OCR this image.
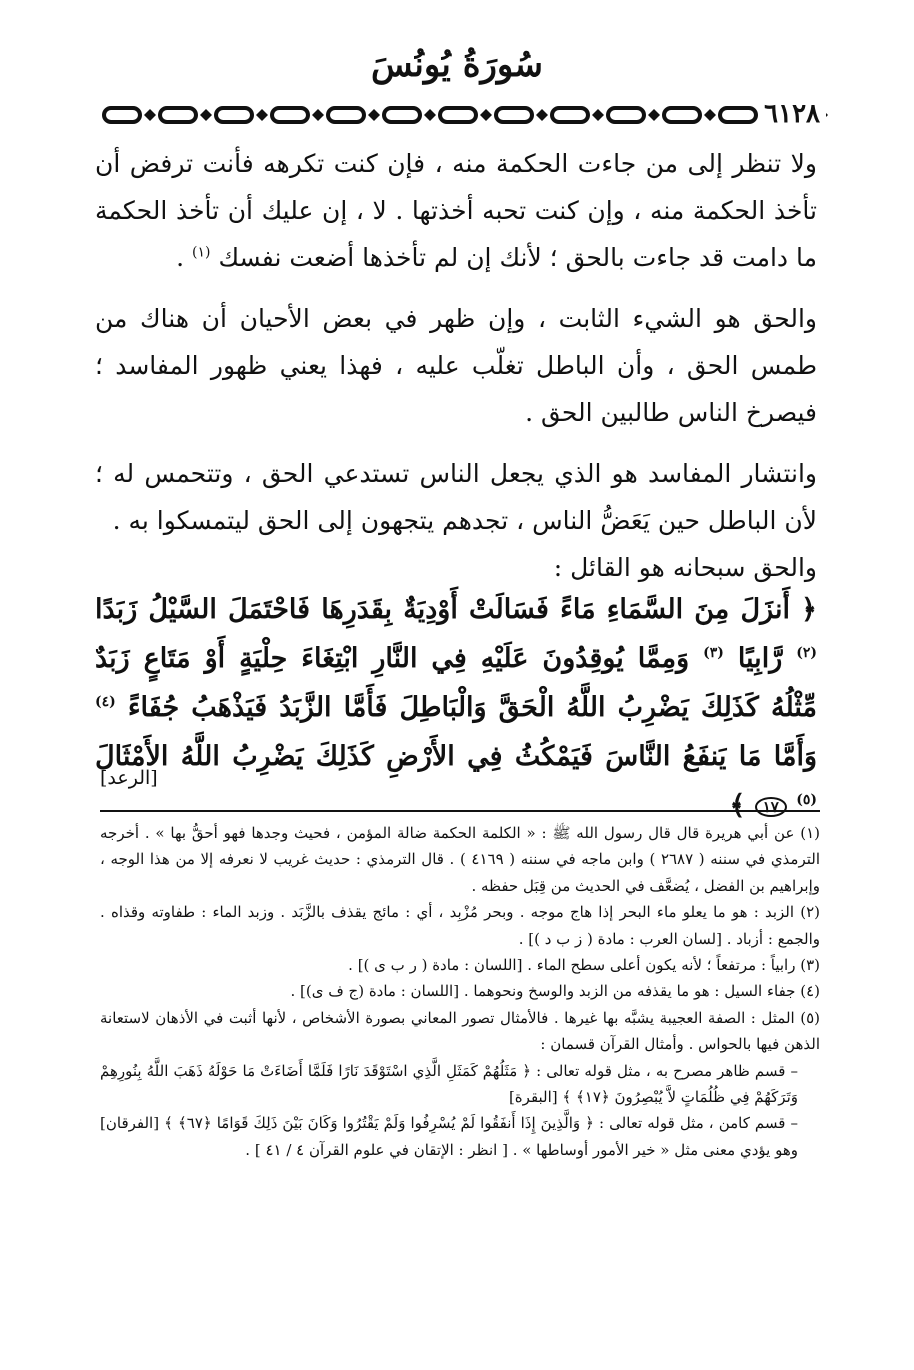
سُورَةُ يُونُسَ
٦١٢٨

ولا تنظر إلى من جاءت الحكمة منه ، فإن كنت تكرهه فأنت ترفض أن تأخذ الحكمة منه ، وإن كنت تحبه أخذتها . لا ، إن عليك أن تأخذ الحكمة ما دامت قد جاءت بالحق ؛ لأنك إن لم تأخذها أضعت نفسك $^{(١)}$ .

والحق هو الشيء الثابت ، وإن ظهر في بعض الأحيان أن هناك من طمس الحق ، وأن الباطل تغلّب عليه ، فهذا يعني ظهور المفاسد ؛ فيصرخ الناس طالبين الحق .

وانتشار المفاسد هو الذي يجعل الناس تستدعي الحق ، وتتحمس له ؛ لأن الباطل حين يَعَضُّ الناس ، تجدهم يتجهون إلى الحق ليتمسكوا به .

والحق سبحانه هو القائل :

﴿ أَنزَلَ مِنَ السَّمَاءِ مَاءً فَسَالَتْ أَوْدِيَةٌ بِقَدَرِهَا فَاحْتَمَلَ السَّيْلُ زَبَدًا $^{(٢)}$ رَّابِيًا $^{(٣)}$ وَمِمَّا يُوقِدُونَ عَلَيْهِ فِي النَّارِ ابْتِغَاءَ حِلْيَةٍ أَوْ مَتَاعٍ زَبَدٌ مِّثْلُهُ كَذَلِكَ يَضْرِبُ اللَّهُ الْحَقَّ وَالْبَاطِلَ فَأَمَّا الزَّبَدُ فَيَذْهَبُ جُفَاءً $^{(٤)}$ وَأَمَّا مَا يَنفَعُ النَّاسَ فَيَمْكُثُ فِي الأَرْضِ كَذَلِكَ يَضْرِبُ اللَّهُ الأَمْثَالَ $^{(٥)}$ ١٧ ﴾
[الرعد]

(١) عن أبي هريرة قال قال رسول الله ﷺ : « الكلمة الحكمة ضالة المؤمن ، فحيث وجدها فهو أحقُّ بها » . أخرجه الترمذي في سننه ( ٢٦٨٧ ) وابن ماجه في سننه ( ٤١٦٩ ) . قال الترمذي : حديث غريب لا نعرفه إلا من هذا الوجه ، وإبراهيم بن الفضل ، يُضعَّف في الحديث من قِبَل حفظه .

(٢) الزبد : هو ما يعلو ماء البحر إذا هاج موجه . وبحر مُزْبِد ، أي : مائج يقذف بالزَّبَد . وزبد الماء : طفاوته وقذاه . والجمع : أزباد . [لسان العرب : مادة ( ز ب د )] .

(٣) رابياً : مرتفعاً ؛ لأنه يكون أعلى سطح الماء . [اللسان : مادة ( ر ب ى )] .

(٤) جفاء السيل : هو ما يقذفه من الزبد والوسخ ونحوهما . [اللسان : مادة (ج ف ى)] .

(٥) المثل : الصفة العجيبة يشبَّه بها غيرها . فالأمثال تصور المعاني بصورة الأشخاص ، لأنها أثبت في الأذهان لاستعانة الذهن فيها بالحواس . وأمثال القرآن قسمان :

– قسم ظاهر مصرح به ، مثل قوله تعالى : ﴿ مَثَلُهُمْ كَمَثَلِ الَّذِي اسْتَوْقَدَ نَارًا فَلَمَّا أَضَاءَتْ مَا حَوْلَهُ ذَهَبَ اللَّهُ بِنُورِهِمْ وَتَرَكَهُمْ فِي ظُلُمَاتٍ لاَّ يُبْصِرُونَ ﴿١٧﴾ ﴾ [البقرة]

– قسم كامن ، مثل قوله تعالى : ﴿ وَالَّذِينَ إِذَا أَنفَقُوا لَمْ يُسْرِفُوا وَلَمْ يَقْتُرُوا وَكَانَ بَيْنَ ذَلِكَ قَوَامًا ﴿٦٧﴾ ﴾ [الفرقان] وهو يؤدي معنى مثل « خير الأمور أوساطها » . [ انظر : الإتقان في علوم القرآن ٤ / ٤١ ] .
